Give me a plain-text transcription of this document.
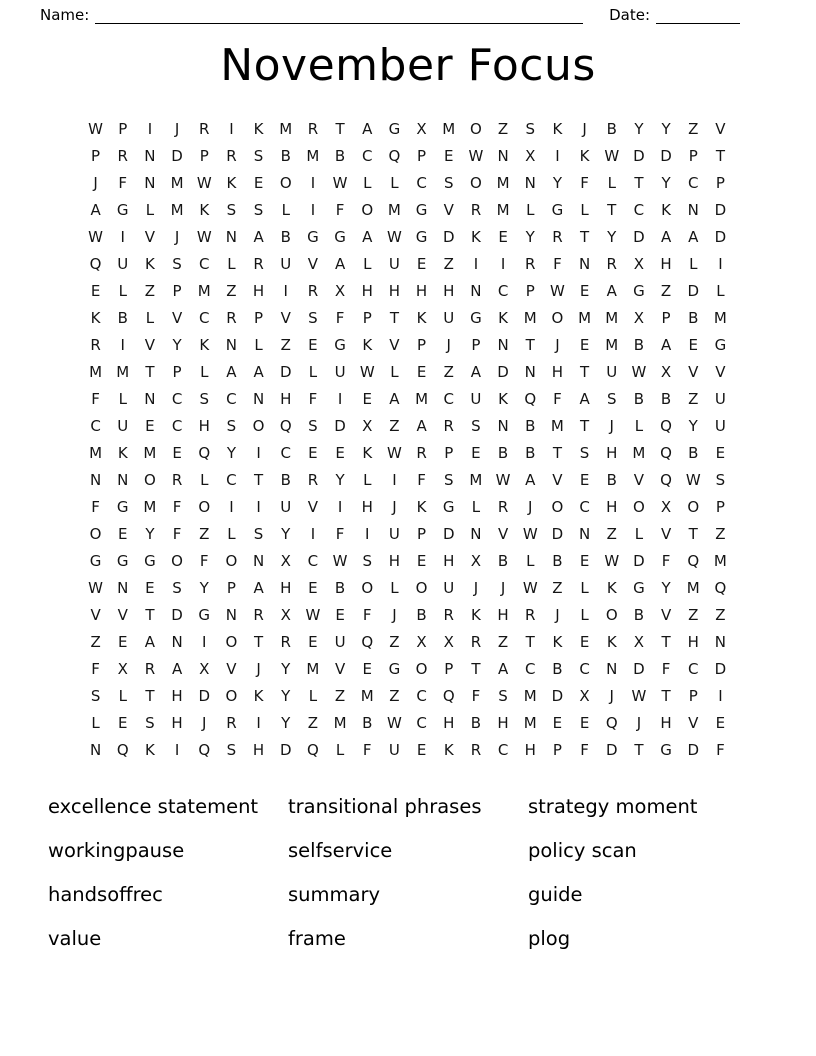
Name:	Date:
November Focus
W	P	I	J	R	I	K	M	R	T	A	G	X	M O	Z	S	K	J	B	Y	Y	Z	V
P	R	N	D	P	R	S	B	M	B	C	Q	P	E	W N	X	I	K W D	D	P	T
J	F	N	M W K	E	O	I	W	L	L	C	S	O M	N	Y	F	L	T	Y	C	P
A	G	L	M	K	S	S	L	I	F	O M G	V	R	M	L	G	L	T	C	K	N	D
W	I	V	J	W N	A	B	G	G	A W G	D	K	E	Y	R	T	Y	D	A	A	D
Q	U	K	S	C	L	R	U	V	A	L	U	E	Z	I	I	R	F	N	R	X	H	L	I
E	L	Z	P	M	Z	H	I	R	X	H	H	H	H	N	C	P	W	E	A	G	Z	D	L
K	B	L	V	C	R	P	V	S	F	P	T	K	U	G	K	M O M M	X	P	B	M
R	I	V	Y	K	N	L	Z	E	G	K	V	P	J	P	N	T	J	E	M	B	A	E	G
M M	T	P	L	A	A	D	L	U W	L	E	Z	A	D	N	H	T	U W X	V	V
F	L	N	C	S	C	N	H	F	I	E	A	M	C	U	K	Q	F	A	S	B	B	Z	U
C	U	E	C	H	S	O	Q	S	D	X	Z	A	R	S	N	B	M	T	J	L	Q	Y	U
M	K	M	E	Q	Y	I	C	E	E	K W R	P	E	B	B	T	S	H	M Q	B	E
N	N	O	R	L	C	T	B	R	Y	L	I	F	S	M W A	V	E	B	V	Q W S
F	G M	F	O	I	I	U	V	I	H	J	K	G	L	R	J	O	C	H	O	X	O	P
O	E	Y	F	Z	L	S	Y	I	F	I	U	P	D	N	V W D	N	Z	L	V	T	Z
G	G	G	O	F	O	N	X	C W S	H	E	H	X	B	L	B	E	W D	F	Q M
W N	E	S	Y	P	A	H	E	B	O	L	O	U	J	J	W Z	L	K	G	Y	M Q
V	V	T	D	G	N	R	X W	E	F	J	B	R	K	H	R	J	L	O	B	V	Z	Z
Z	E	A	N	I	O	T	R	E	U	Q	Z	X	X	R	Z	T	K	E	K	X	T	H	N
F	X	R	A	X	V	J	Y	M	V	E	G	O	P	T	A	C	B	C	N	D	F	C	D
S	L	T	H	D	O	K	Y	L	Z	M	Z	C	Q	F	S	M D	X	J	W	T	P	I
L	E	S	H	J	R	I	Y	Z	M	B W C	H	B	H	M	E	E	Q	J	H	V	E
N	Q	K	I	Q	S	H	D	Q	L	F	U	E	K	R	C	H	P	F	D	T	G	D	F
excellence statement	transitional phrases	strategy moment
workingpause	selfservice	policy scan
handsoffrec	summary	guide
value	frame	plog
